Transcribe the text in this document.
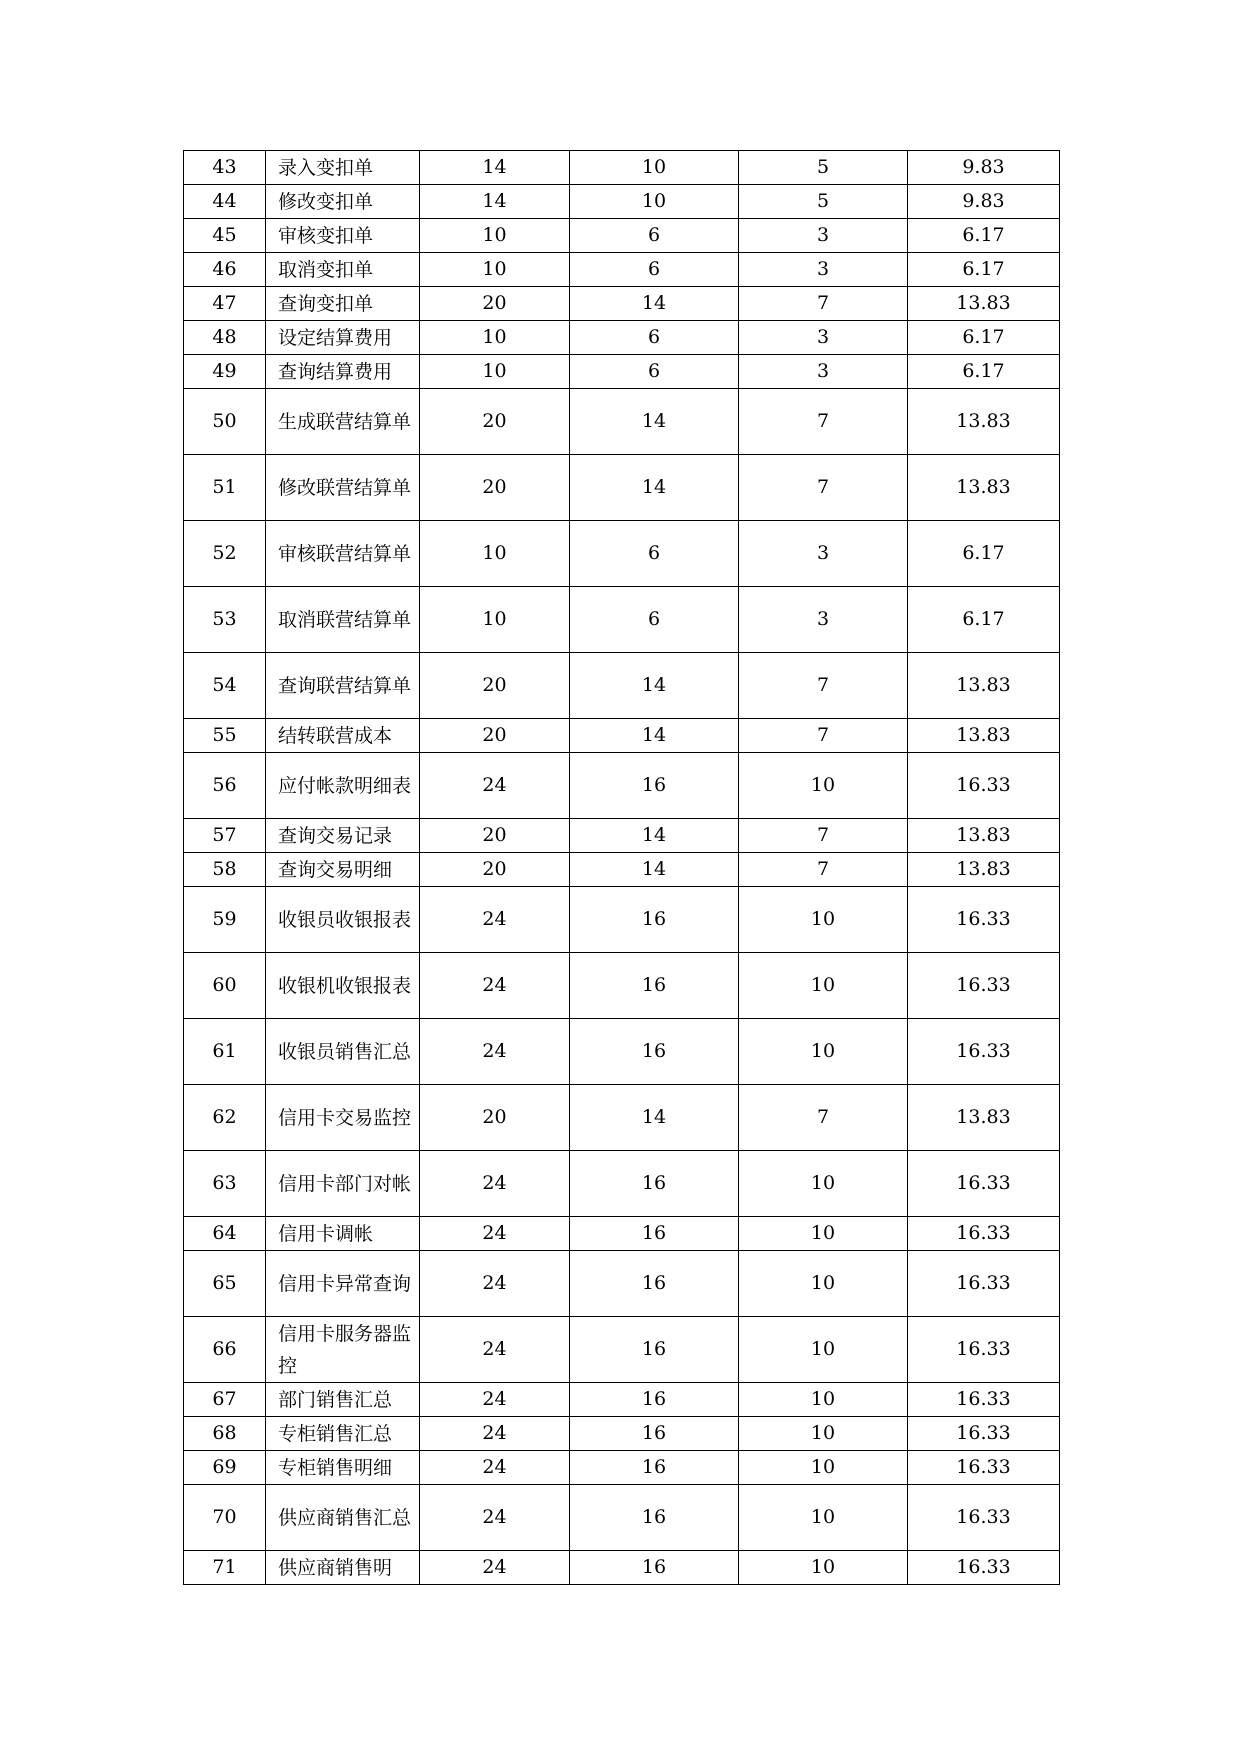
43	录入变扣单	14	10	5	9.83
44	修改变扣单	14	10	5	9.83
45	审核变扣单	10	6	3	6.17
46	取消变扣单	10	6	3	6.17
47	查询变扣单	20	14	7	13.83
48	设定结算费用	10	6	3	6.17
49	查询结算费用	10	6	3	6.17
50	生成联营结算单	20	14	7	13.83
51	修改联营结算单	20	14	7	13.83
52	审核联营结算单	10	6	3	6.17
53	取消联营结算单	10	6	3	6.17
54	查询联营结算单	20	14	7	13.83
55	结转联营成本	20	14	7	13.83
56	应付帐款明细表	24	16	10	16.33
57	查询交易记录	20	14	7	13.83
58	查询交易明细	20	14	7	13.83
59	收银员收银报表	24	16	10	16.33
60	收银机收银报表	24	16	10	16.33
61	收银员销售汇总	24	16	10	16.33
62	信用卡交易监控	20	14	7	13.83
63	信用卡部门对帐	24	16	10	16.33
64	信用卡调帐	24	16	10	16.33
65	信用卡异常查询	24	16	10	16.33
66	信用卡服务器监控	24	16	10	16.33
67	部门销售汇总	24	16	10	16.33
68	专柜销售汇总	24	16	10	16.33
69	专柜销售明细	24	16	10	16.33
70	供应商销售汇总	24	16	10	16.33
71	供应商销售明	24	16	10	16.33
